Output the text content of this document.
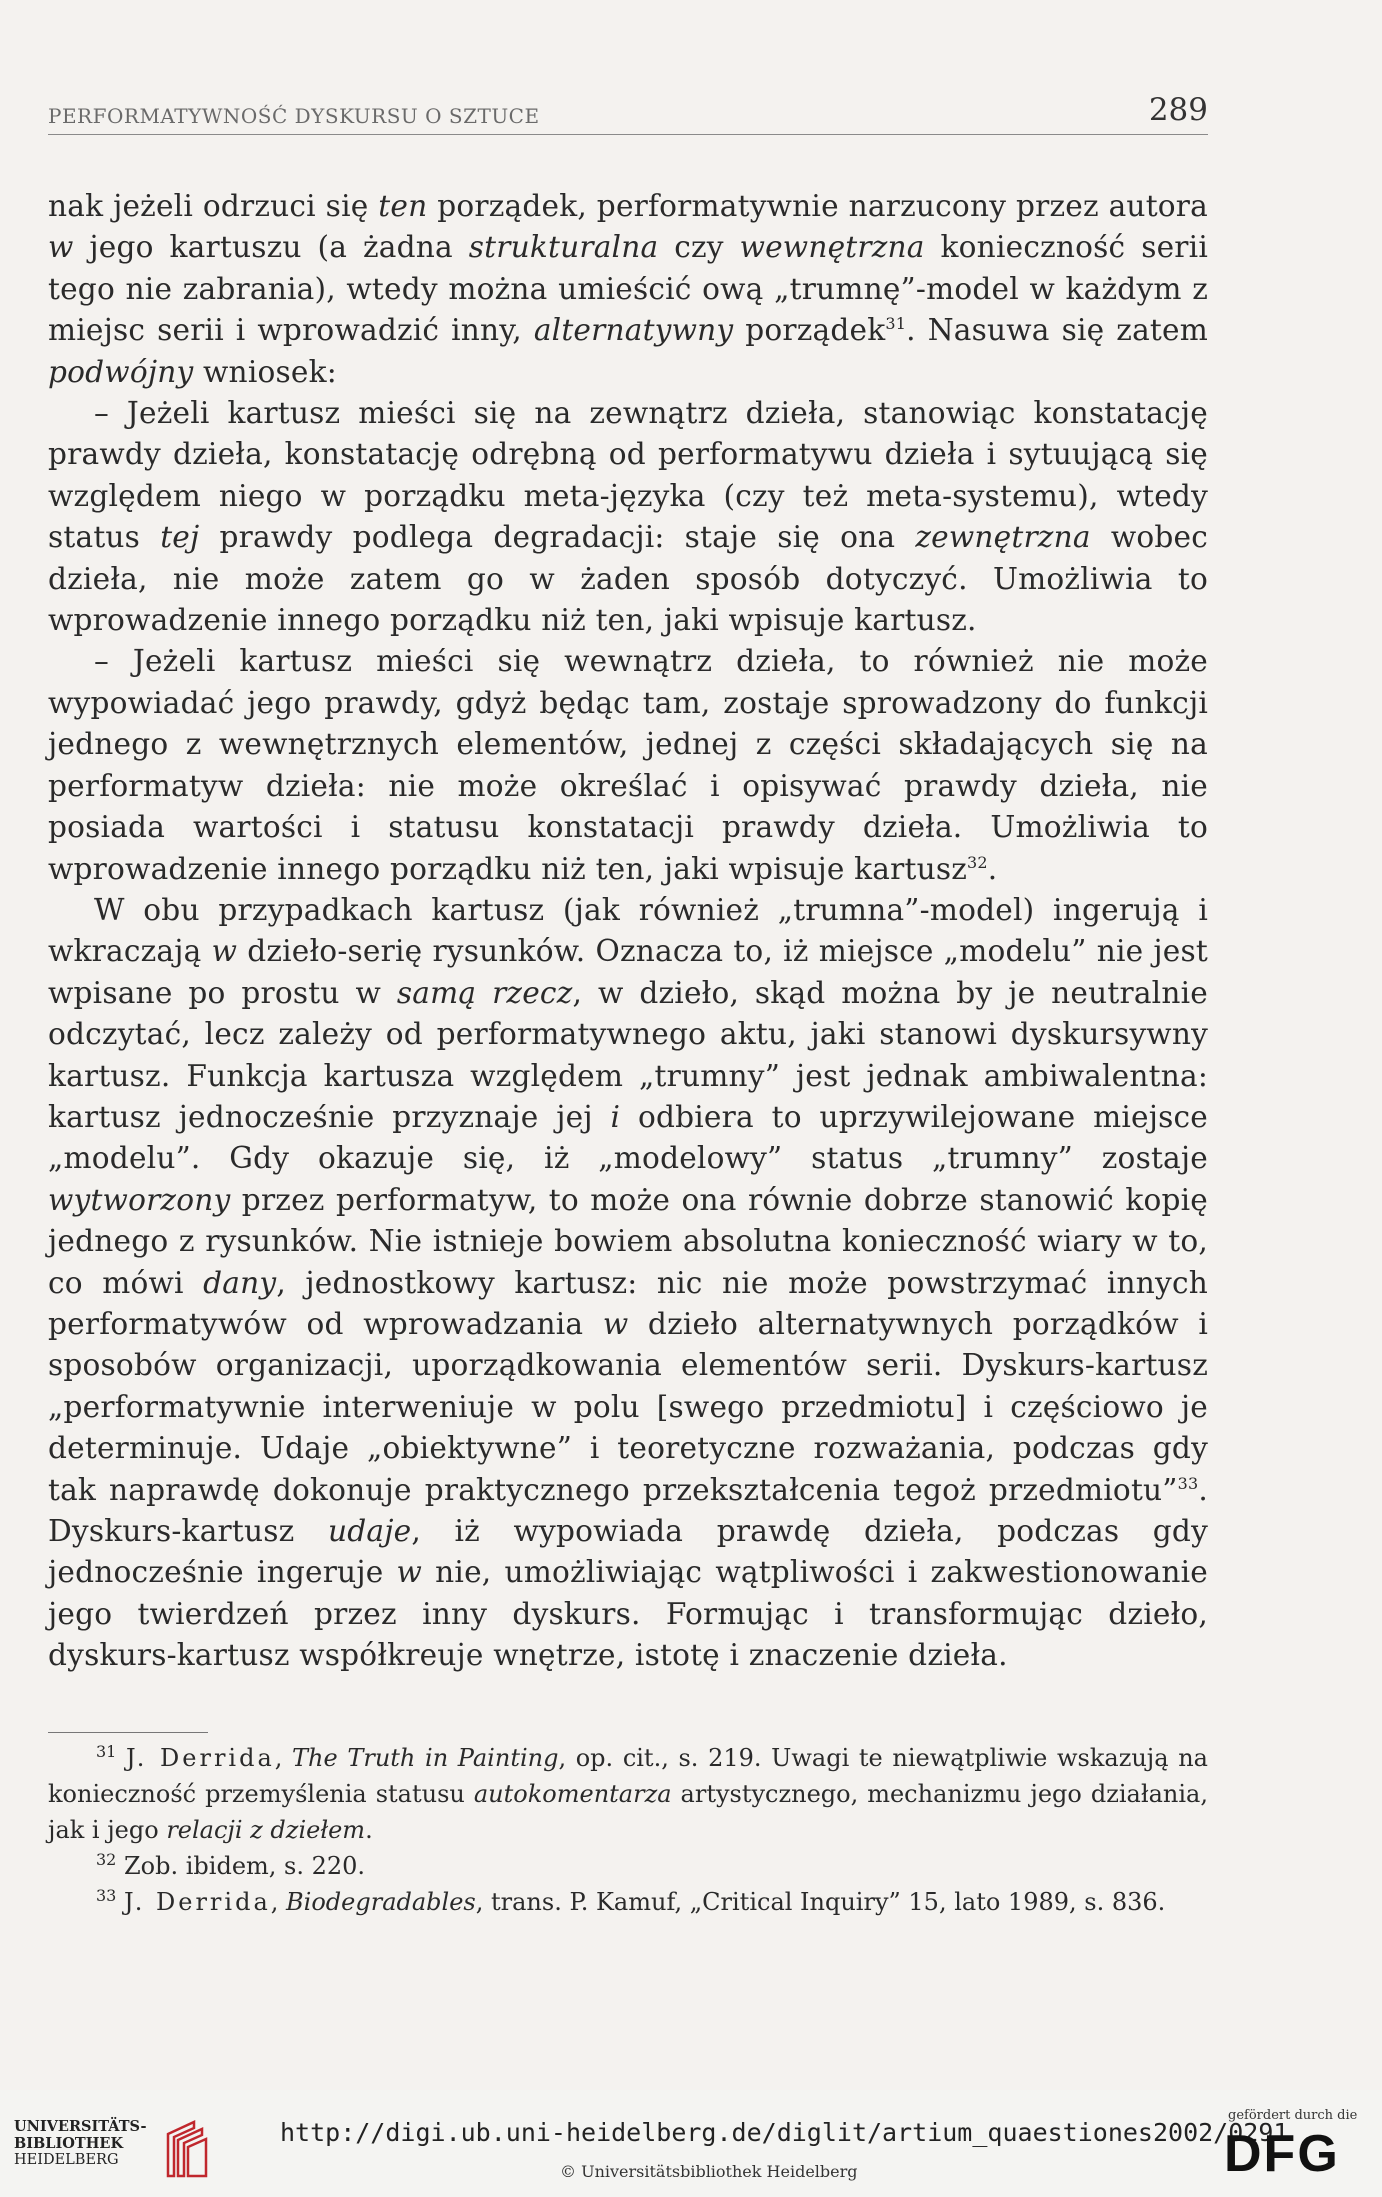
PERFORMATYWNOŚĆ DYSKURSU O SZTUCE	289

nak jeżeli odrzuci się ten porządek, performatywnie narzucony przez autora w jego kartuszu (a żadna strukturalna czy wewnętrzna konieczność serii tego nie zabrania), wtedy można umieścić ową „trumnę”-model w każdym z miejsc serii i wprowadzić inny, alternatywny porządek$^{31}$. Nasuwa się zatem podwójny wniosek:

– Jeżeli kartusz mieści się na zewnątrz dzieła, stanowiąc konstatację prawdy dzieła, konstatację odrębną od performatywu dzieła i sytuującą się względem niego w porządku meta-języka (czy też meta-systemu), wtedy status tej prawdy podlega degradacji: staje się ona zewnętrzna wobec dzieła, nie może zatem go w żaden sposób dotyczyć. Umożliwia to wprowadzenie innego porządku niż ten, jaki wpisuje kartusz.

– Jeżeli kartusz mieści się wewnątrz dzieła, to również nie może wypowiadać jego prawdy, gdyż będąc tam, zostaje sprowadzony do funkcji jednego z wewnętrznych elementów, jednej z części składających się na performatyw dzieła: nie może określać i opisywać prawdy dzieła, nie posiada wartości i statusu konstatacji prawdy dzieła. Umożliwia to wprowadzenie innego porządku niż ten, jaki wpisuje kartusz$^{32}$.

W obu przypadkach kartusz (jak również „trumna”-model) ingerują i wkraczają w dzieło-serię rysunków. Oznacza to, iż miejsce „modelu” nie jest wpisane po prostu w samą rzecz, w dzieło, skąd można by je neutralnie odczytać, lecz zależy od performatywnego aktu, jaki stanowi dyskursywny kartusz. Funkcja kartusza względem „trumny” jest jednak ambiwalentna: kartusz jednocześnie przyznaje jej i odbiera to uprzywilejowane miejsce „modelu”. Gdy okazuje się, iż „modelowy” status „trumny” zostaje wytworzony przez performatyw, to może ona równie dobrze stanowić kopię jednego z rysunków. Nie istnieje bowiem absolutna konieczność wiary w to, co mówi dany, jednostkowy kartusz: nic nie może powstrzymać innych performatywów od wprowadzania w dzieło alternatywnych porządków i sposobów organizacji, uporządkowania elementów serii. Dyskurs-kartusz „performatywnie interweniuje w polu [swego przedmiotu] i częściowo je determinuje. Udaje „obiektywne” i teoretyczne rozważania, podczas gdy tak naprawdę dokonuje praktycznego przekształcenia tegoż przedmiotu”$^{33}$. Dyskurs-kartusz udaje, iż wypowiada prawdę dzieła, podczas gdy jednocześnie ingeruje w nie, umożliwiając wątpliwości i zakwestionowanie jego twierdzeń przez inny dyskurs. Formując i transformując dzieło, dyskurs-kartusz współkreuje wnętrze, istotę i znaczenie dzieła.

$^{31}$ J. Derrida, The Truth in Painting, op. cit., s. 219. Uwagi te niewątpliwie wskazują na konieczność przemyślenia statusu autokomentarza artystycznego, mechanizmu jego działania, jak i jego relacji z dziełem.

$^{32}$ Zob. ibidem, s. 220.

$^{33}$ J. Derrida, Biodegradables, trans. P. Kamuf, „Critical Inquiry” 15, lato 1989, s. 836.

UNIVERSITÄTS-
BIBLIOTHEK
HEIDELBERG
http://digi.ub.uni-heidelberg.de/diglit/artium_quaestiones2002/0291
© Universitätsbibliothek Heidelberg
gefördert durch die
DFG
